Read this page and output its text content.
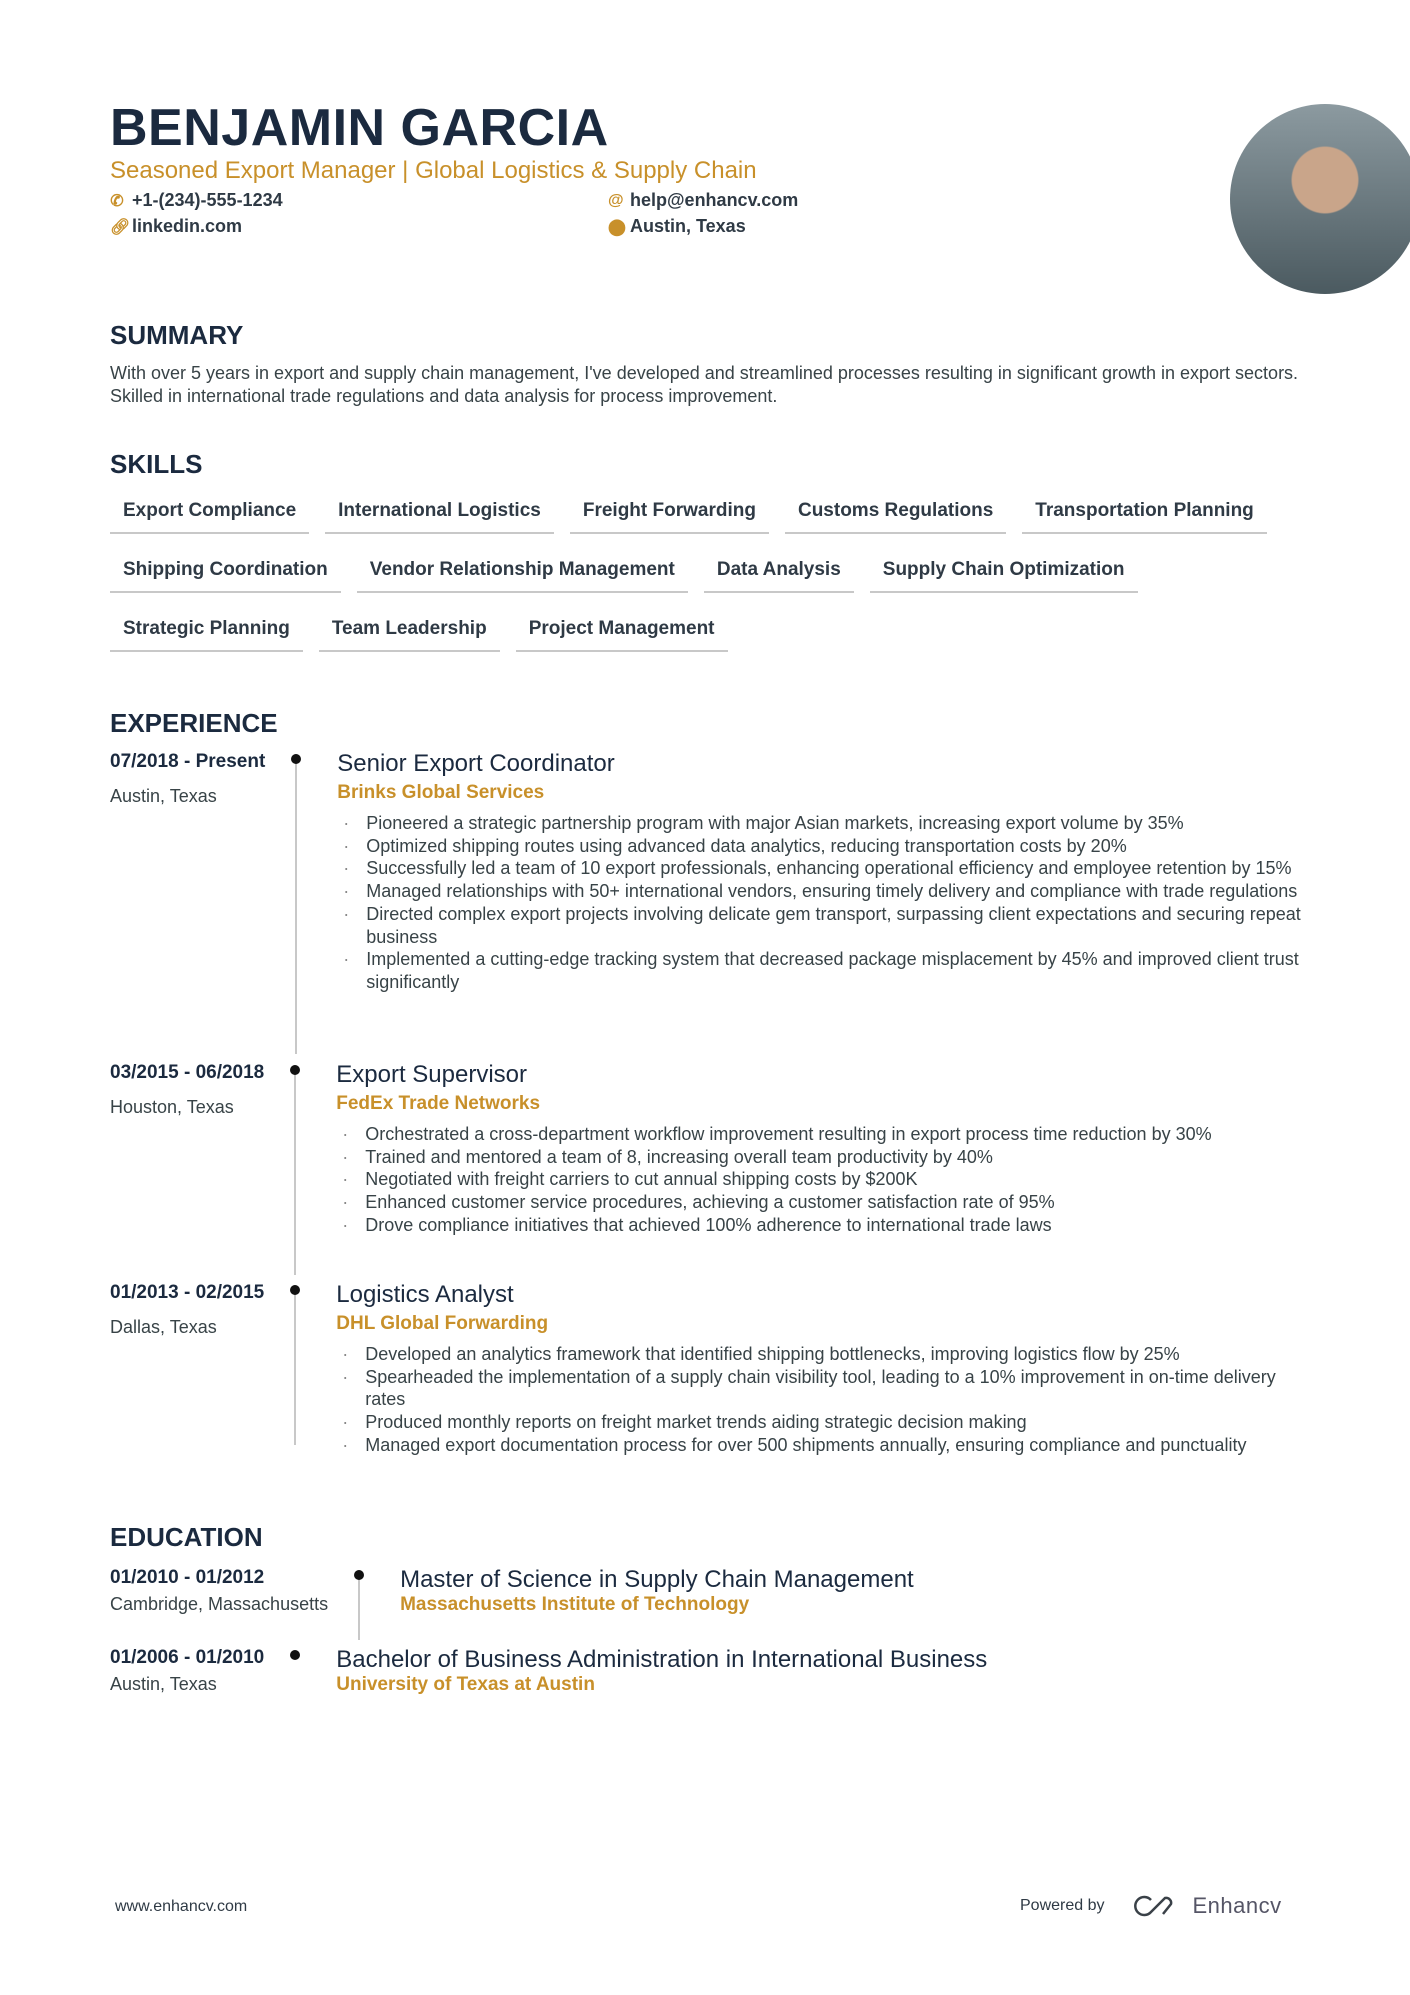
BENJAMIN GARCIA
Seasoned Export Manager | Global Logistics & Supply Chain
✆ +1-(234)-555-1234
🔗︎ linkedin.com
@ help@enhancv.com
⬤ Austin, Texas
SUMMARY
With over 5 years in export and supply chain management, I've developed and streamlined processes resulting in significant growth in export sectors. Skilled in international trade regulations and data analysis for process improvement.
SKILLS
Export Compliance	International Logistics	Freight Forwarding	Customs Regulations	Transportation Planning
Shipping Coordination	Vendor Relationship Management	Data Analysis	Supply Chain Optimization
Strategic Planning	Team Leadership	Project Management
EXPERIENCE
07/2018 - Present
Austin, Texas
Senior Export Coordinator
Brinks Global Services
· Pioneered a strategic partnership program with major Asian markets, increasing export volume by 35%
· Optimized shipping routes using advanced data analytics, reducing transportation costs by 20%
· Successfully led a team of 10 export professionals, enhancing operational efficiency and employee retention by 15%
· Managed relationships with 50+ international vendors, ensuring timely delivery and compliance with trade regulations
· Directed complex export projects involving delicate gem transport, surpassing client expectations and securing repeat business
· Implemented a cutting-edge tracking system that decreased package misplacement by 45% and improved client trust significantly
03/2015 - 06/2018
Houston, Texas
Export Supervisor
FedEx Trade Networks
· Orchestrated a cross-department workflow improvement resulting in export process time reduction by 30%
· Trained and mentored a team of 8, increasing overall team productivity by 40%
· Negotiated with freight carriers to cut annual shipping costs by $200K
· Enhanced customer service procedures, achieving a customer satisfaction rate of 95%
· Drove compliance initiatives that achieved 100% adherence to international trade laws
01/2013 - 02/2015
Dallas, Texas
Logistics Analyst
DHL Global Forwarding
· Developed an analytics framework that identified shipping bottlenecks, improving logistics flow by 25%
· Spearheaded the implementation of a supply chain visibility tool, leading to a 10% improvement in on-time delivery rates
· Produced monthly reports on freight market trends aiding strategic decision making
· Managed export documentation process for over 500 shipments annually, ensuring compliance and punctuality
EDUCATION
01/2010 - 01/2012
Cambridge, Massachusetts
Master of Science in Supply Chain Management
Massachusetts Institute of Technology
01/2006 - 01/2010
Austin, Texas
Bachelor of Business Administration in International Business
University of Texas at Austin
www.enhancv.com	Powered by	Enhancv
